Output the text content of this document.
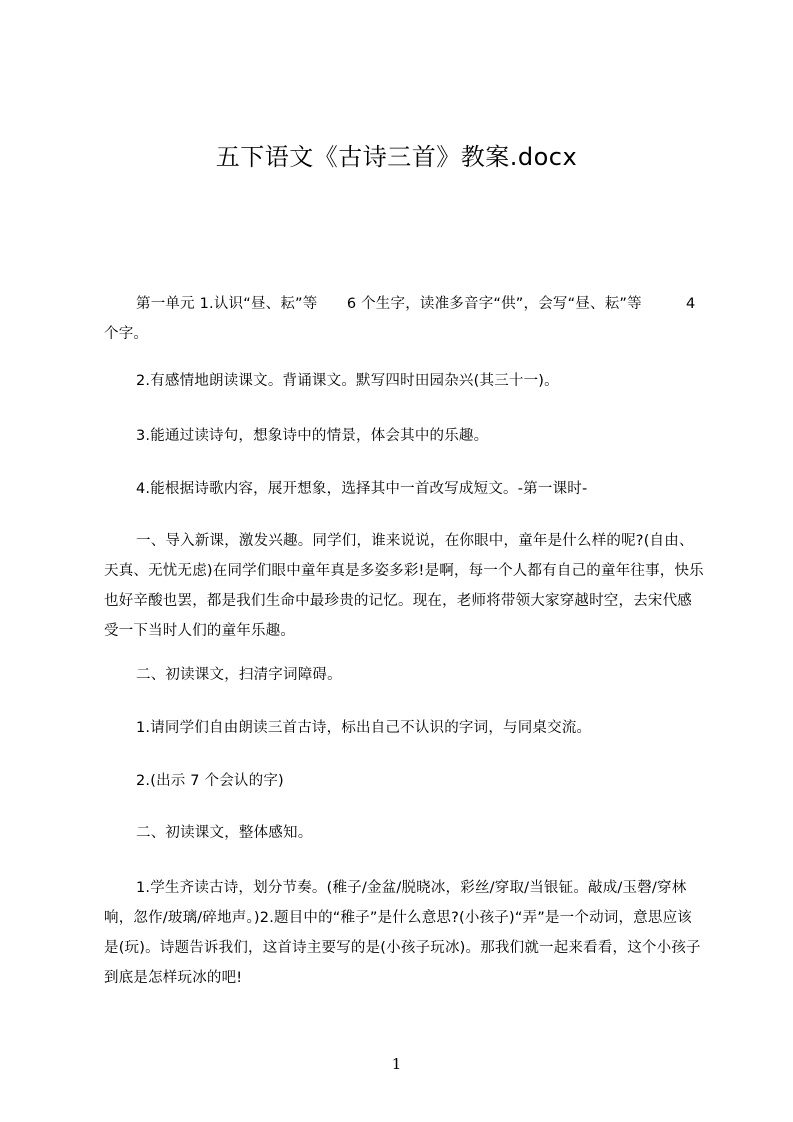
五下语文《古诗三首》教案.docx
第一单元 1.认识“昼、耘”等　　6 个生字，读准多音字“供”，会写“昼、耘”等　　　4 个字。
2.有感情地朗读课文。背诵课文。默写四时田园杂兴(其三十一)。
3.能通过读诗句，想象诗中的情景，体会其中的乐趣。
4.能根据诗歌内容，展开想象，选择其中一首改写成短文。-第一课时-
一、导入新课，激发兴趣。同学们，谁来说说，在你眼中，童年是什么样的呢?(自由、天真、无忧无虑)在同学们眼中童年真是多姿多彩!是啊，每一个人都有自己的童年往事，快乐也好辛酸也罢，都是我们生命中最珍贵的记忆。现在，老师将带领大家穿越时空，去宋代感受一下当时人们的童年乐趣。
二、初读课文，扫清字词障碍。
1.请同学们自由朗读三首古诗，标出自己不认识的字词，与同桌交流。
2.(出示 7 个会认的字)
二、初读课文，整体感知。
1.学生齐读古诗，划分节奏。(稚子/金盆/脱晓冰，彩丝/穿取/当银钲。敲成/玉磬/穿林响，忽作/玻璃/碎地声。)2.题目中的“稚子”是什么意思?(小孩子)“弄”是一个动词，意思应该是(玩)。诗题告诉我们，这首诗主要写的是(小孩子玩冰)。那我们就一起来看看，这个小孩子到底是怎样玩冰的吧!
1
